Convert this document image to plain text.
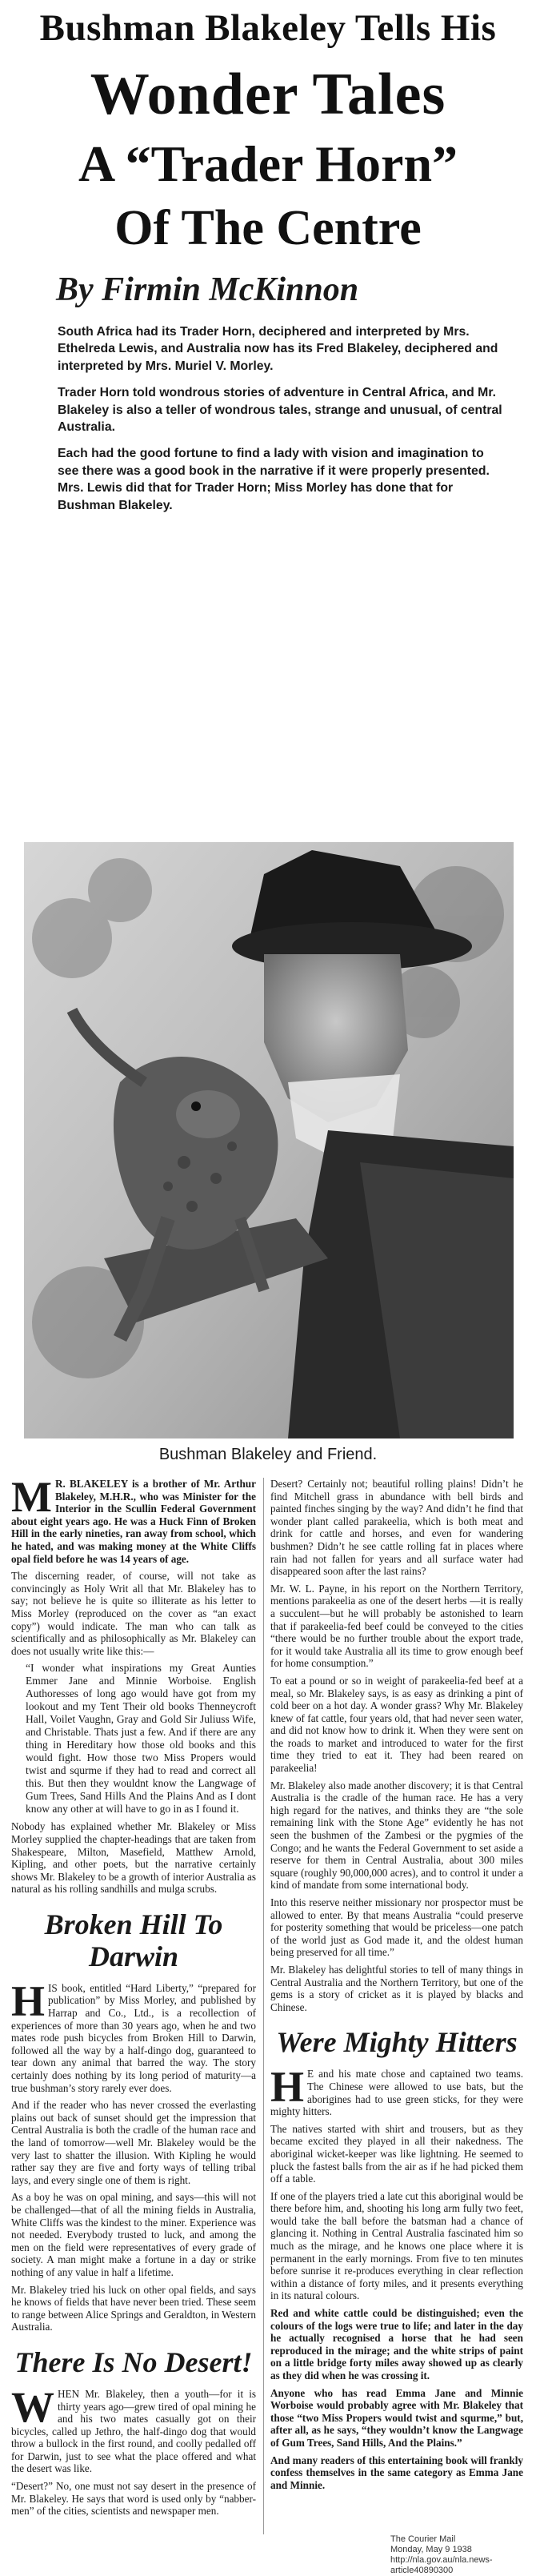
Bushman Blakeley Tells His
Wonder Tales
A “Trader Horn”
Of The Centre
By Firmin McKinnon

South Africa had its Trader Horn, deciphered and interpreted by Mrs. Ethelreda Lewis, and Australia now has its Fred Blakeley, deciphered and interpreted by Mrs. Muriel V. Morley.

Trader Horn told wondrous stories of adventure in Central Africa, and Mr. Blakeley is also a teller of wondrous tales, strange and unusual, of central Australia.

Each had the good fortune to find a lady with vision and imagination to see there was a good book in the narrative if it were properly presented. Mrs. Lewis did that for Trader Horn; Miss Morley has done that for Bushman Blakeley.

Bushman Blakeley and Friend.

M R. BLAKELEY is a brother of Mr. Arthur Blakeley, M.H.R., who was Minister for the Interior in the Scullin Federal Government about eight years ago. He was a Huck Finn of Broken Hill in the early nineties, ran away from school, which he hated, and was making money at the White Cliffs opal field before he was 14 years of age.

The discerning reader, of course, will not take as convincingly as Holy Writ all that Mr. Blakeley has to say; not believe he is quite so illiterate as his letter to Miss Morley (reproduced on the cover as “an exact copy”) would indicate. The man who can talk as scientifically and as philosophically as Mr. Blakeley can does not usually write like this:—

“I wonder what inspirations my Great Aunties Emmer Jane and Minnie Worboise. English Authoresses of long ago would have got from my lookout and my Tent Their old books Thenneycroft Hall, Voilet Vaughn, Gray and Gold Sir Juliuss Wife, and Christable. Thats just a few. And if there are any thing in Hereditary how those old books and this would fight. How those two Miss Propers would twist and squrme if they had to read and correct all this. But then they wouldnt know the Langwage of Gum Trees, Sand Hills And the Plains And as I dont know any other at will have to go in as I found it.

Nobody has explained whether Mr. Blakeley or Miss Morley supplied the chapter-headings that are taken from Shakespeare, Milton, Masefield, Matthew Arnold, Kipling, and other poets, but the narrative certainly shows Mr. Blakeley to be a growth of interior Australia as natural as his rolling sandhills and mulga scrubs.

Broken Hill To Darwin

HIS book, entitled “Hard Liberty,” “prepared for publication” by Miss Morley, and published by Harrap and Co., Ltd., is a recollection of experiences of more than 30 years ago, when he and two mates rode push bicycles from Broken Hill to Darwin, followed all the way by a half-dingo dog, guaranteed to tear down any animal that barred the way. The story certainly does nothing by its long period of maturity—a true bushman’s story rarely ever does.

And if the reader who has never crossed the everlasting plains out back of sunset should get the impression that Central Australia is both the cradle of the human race and the land of tomorrow—well Mr. Blakeley would be the very last to shatter the illusion. With Kipling he would rather say they are five and forty ways of telling tribal lays, and every single one of them is right.

As a boy he was on opal mining, and says—this will not be challenged—that of all the mining fields in Australia, White Cliffs was the kindest to the miner. Experience was not needed. Everybody trusted to luck, and among the men on the field were representatives of every grade of society. A man might make a fortune in a day or strike nothing of any value in half a lifetime.

Mr. Blakeley tried his luck on other opal fields, and says he knows of fields that have never been tried. These seem to range between Alice Springs and Geraldton, in Western Australia.

There Is No Desert!

WHEN Mr. Blakeley, then a youth—for it is thirty years ago—grew tired of opal mining he and his two mates casually got on their bicycles, called up Jethro, the half-dingo dog that would throw a bullock in the first round, and coolly pedalled off for Darwin, just to see what the place offered and what the desert was like.

“Desert?” No, one must not say desert in the presence of Mr. Blakeley. He says that word is used only by “nabber-men” of the cities, scientists and newspaper men.

Desert? Certainly not; beautiful rolling plains! Didn’t he find Mitchell grass in abundance with bell birds and painted finches singing by the way? And didn’t he find that wonder plant called parakeelia, which is both meat and drink for cattle and horses, and even for wandering bushmen? Didn’t he see cattle rolling fat in places where rain had not fallen for years and all surface water had disappeared soon after the last rains?

Mr. W. L. Payne, in his report on the Northern Territory, mentions parakeelia as one of the desert herbs —it is really a succulent—but he will probably be astonished to learn that if parakeelia-fed beef could be conveyed to the cities “there would be no further trouble about the export trade, for it would take Australia all its time to grow enough beef for home consumption.”

To eat a pound or so in weight of parakeelia-fed beef at a meal, so Mr. Blakeley says, is as easy as drinking a pint of cold beer on a hot day. A wonder grass? Why Mr. Blakeley knew of fat cattle, four years old, that had never seen water, and did not know how to drink it. When they were sent on the roads to market and introduced to water for the first time they tried to eat it. They had been reared on parakeelia!

Mr. Blakeley also made another discovery; it is that Central Australia is the cradle of the human race. He has a very high regard for the natives, and thinks they are “the sole remaining link with the Stone Age” evidently he has not seen the bushmen of the Zambesi or the pygmies of the Congo; and he wants the Federal Government to set aside a reserve for them in Central Australia, about 300 miles square (roughly 90,000,000 acres), and to control it under a kind of mandate from some international body.

Into this reserve neither missionary nor prospector must be allowed to enter. By that means Australia “could preserve for posterity something that would be priceless—one patch of the world just as God made it, and the oldest human being preserved for all time.”

Mr. Blakeley has delightful stories to tell of many things in Central Australia and the Northern Territory, but one of the gems is a story of cricket as it is played by blacks and Chinese.

Were Mighty Hitters

H E and his mate chose and captained two teams. The Chinese were allowed to use bats, but the aborigines had to use green sticks, for they were mighty hitters.

The natives started with shirt and trousers, but as they became excited they played in all their nakedness. The aboriginal wicket-keeper was like lightning. He seemed to pluck the fastest balls from the air as if he had picked them off a table.

If one of the players tried a late cut this aboriginal would be there before him, and, shooting his long arm fully two feet, would take the ball before the batsman had a chance of glancing it. Nothing in Central Australia fascinated him so much as the mirage, and he knows one place where it is permanent in the early mornings. From five to ten minutes before sunrise it re-produces everything in clear reflection within a distance of forty miles, and it presents everything in its natural colours.

Red and white cattle could be distinguished; even the colours of the logs were true to life; and later in the day he actually recognised a horse that he had seen reproduced in the mirage; and the white strips of paint on a little bridge forty miles away showed up as clearly as they did when he was crossing it.

Anyone who has read Emma Jane and Minnie Worboise would probably agree with Mr. Blakeley that those “two Miss Propers would twist and squrme,” but, after all, as he says, “they wouldn’t know the Langwage of Gum Trees, Sand Hills, And the Plains.”

And many readers of this entertaining book will frankly confess themselves in the same category as Emma Jane and Minnie.

The Courier Mail
Monday, May 9 1938
http://nla.gov.au/nla.news-article40890300
